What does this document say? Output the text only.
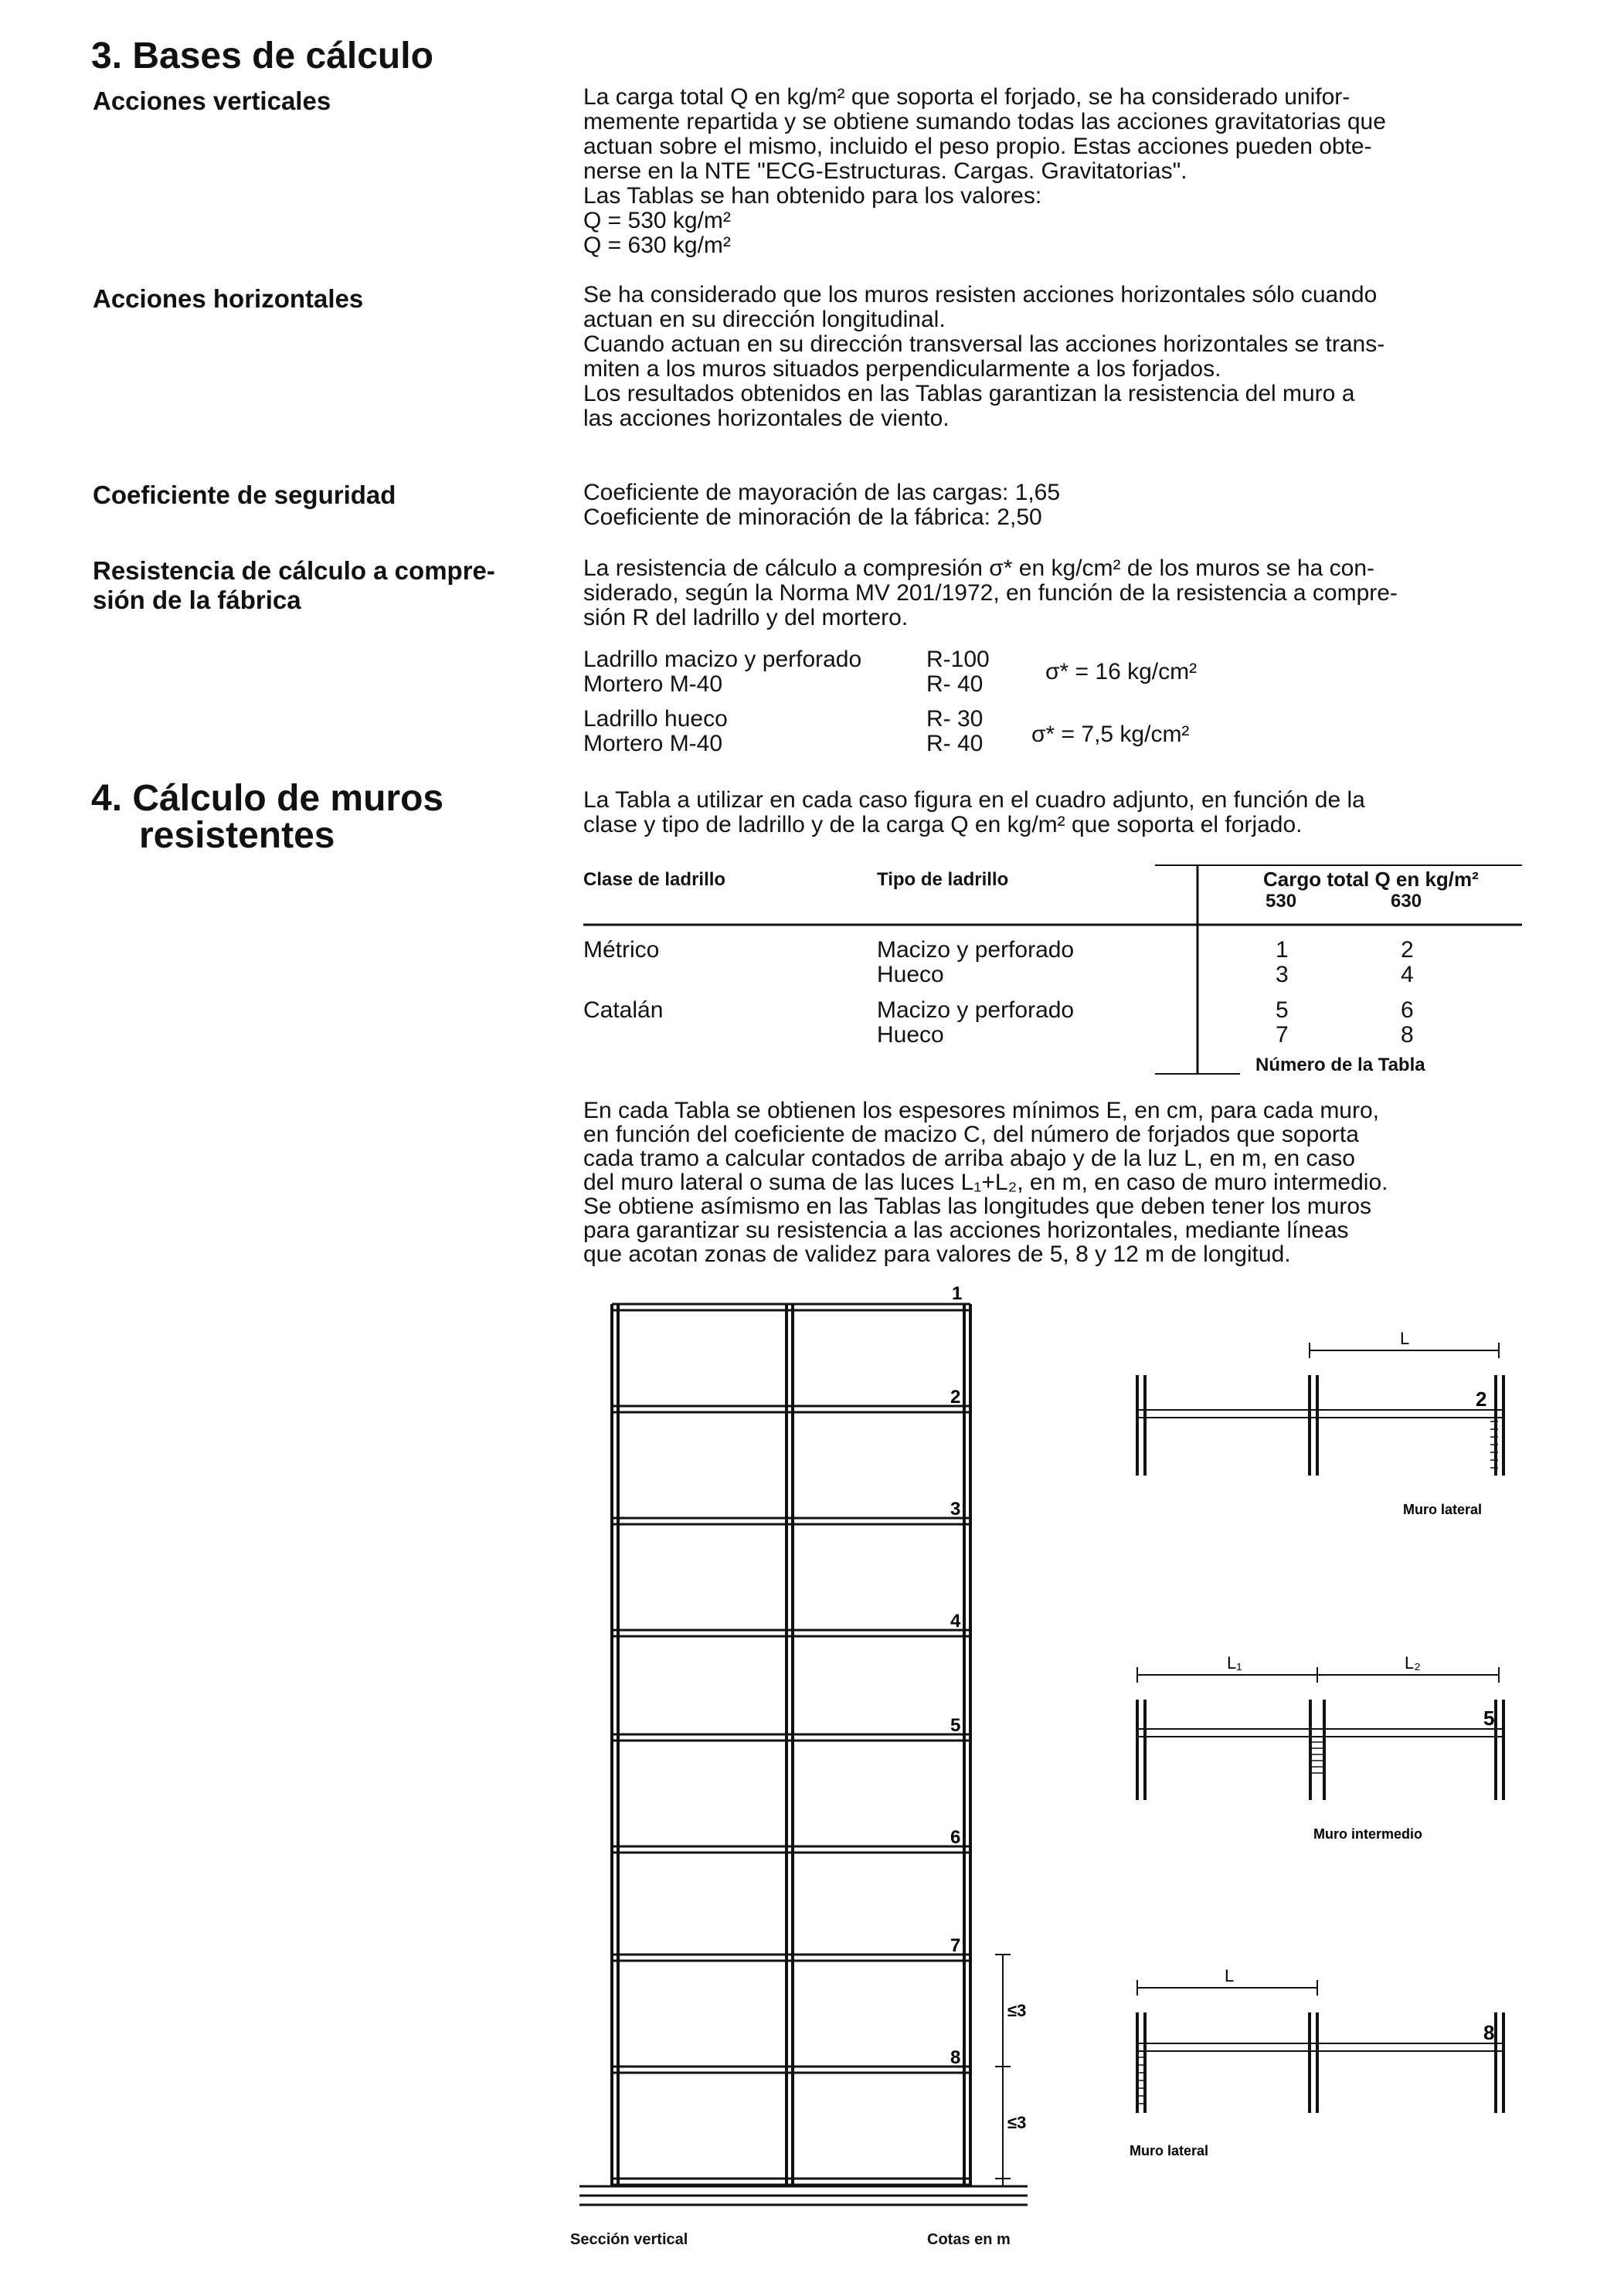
3. Bases de cálculo
Acciones verticales	La carga total Q en kg/m² que soporta el forjado, se ha considerado unifor-

memente repartida y se obtiene sumando todas las acciones gravitatorias que

actuan sobre el mismo, incluido el peso propio. Estas acciones pueden obte-

nerse en la NTE "ECG-Estructuras. Cargas. Gravitatorias".

Las Tablas se han obtenido para los valores:

Q = 530 kg/m²

Q = 630 kg/m²

Acciones horizontales	Se ha considerado que los muros resisten acciones horizontales sólo cuando

actuan en su dirección longitudinal.

Cuando actuan en su dirección transversal las acciones horizontales se trans-

miten a los muros situados perpendicularmente a los forjados.

Los resultados obtenidos en las Tablas garantizan la resistencia del muro a

las acciones horizontales de viento.

Coeficiente de seguridad	Coeficiente de mayoración de las cargas: 1,65

Coeficiente de minoración de la fábrica: 2,50

Resistencia de cálculo a compre-
sión de la fábrica

La resistencia de cálculo a compresión σ* en kg/cm² de los muros se ha con-

siderado, según la Norma MV 201/1972, en función de la resistencia a compre-

sión R del ladrillo y del mortero.

Ladrillo macizo y perforado	R-100
Mortero M-40	R- 40	σ* = 16 kg/cm²
Ladrillo hueco	R- 30
Mortero M-40	R- 40 σ* = 7,5 kg/cm²
4. Cálculo de muros
resistentes

La Tabla a utilizar en cada caso figura en el cuadro adjunto, en función de la

clase y tipo de ladrillo y de la carga Q en kg/m² que soporta el forjado.

Clase de ladrillo	Tipo de ladrillo	Cargo total Q en kg/m²
530	630
Métrico	Macizo y perforado	1	2
Hueco	3	4
Catalán	Macizo y perforado	5	6
Hueco	7	8
Número de la Tabla

En cada Tabla se obtienen los espesores mínimos E, en cm, para cada muro,

en función del coeficiente de macizo C, del número de forjados que soporta

cada tramo a calcular contados de arriba abajo y de la luz L, en m, en caso

del muro lateral o suma de las luces L₁+L₂, en m, en caso de muro intermedio.

Se obtiene asímismo en las Tablas las longitudes que deben tener los muros

para garantizar su resistencia a las acciones horizontales, mediante líneas

que acotan zonas de validez para valores de 5, 8 y 12 m de longitud.

≤3
≤3
1
2
3
4
5
6
7
8
Sección vertical	Cotas en m
L
2
Muro lateral
L₁	L₂
5
Muro intermedio
L
8
Muro lateral
